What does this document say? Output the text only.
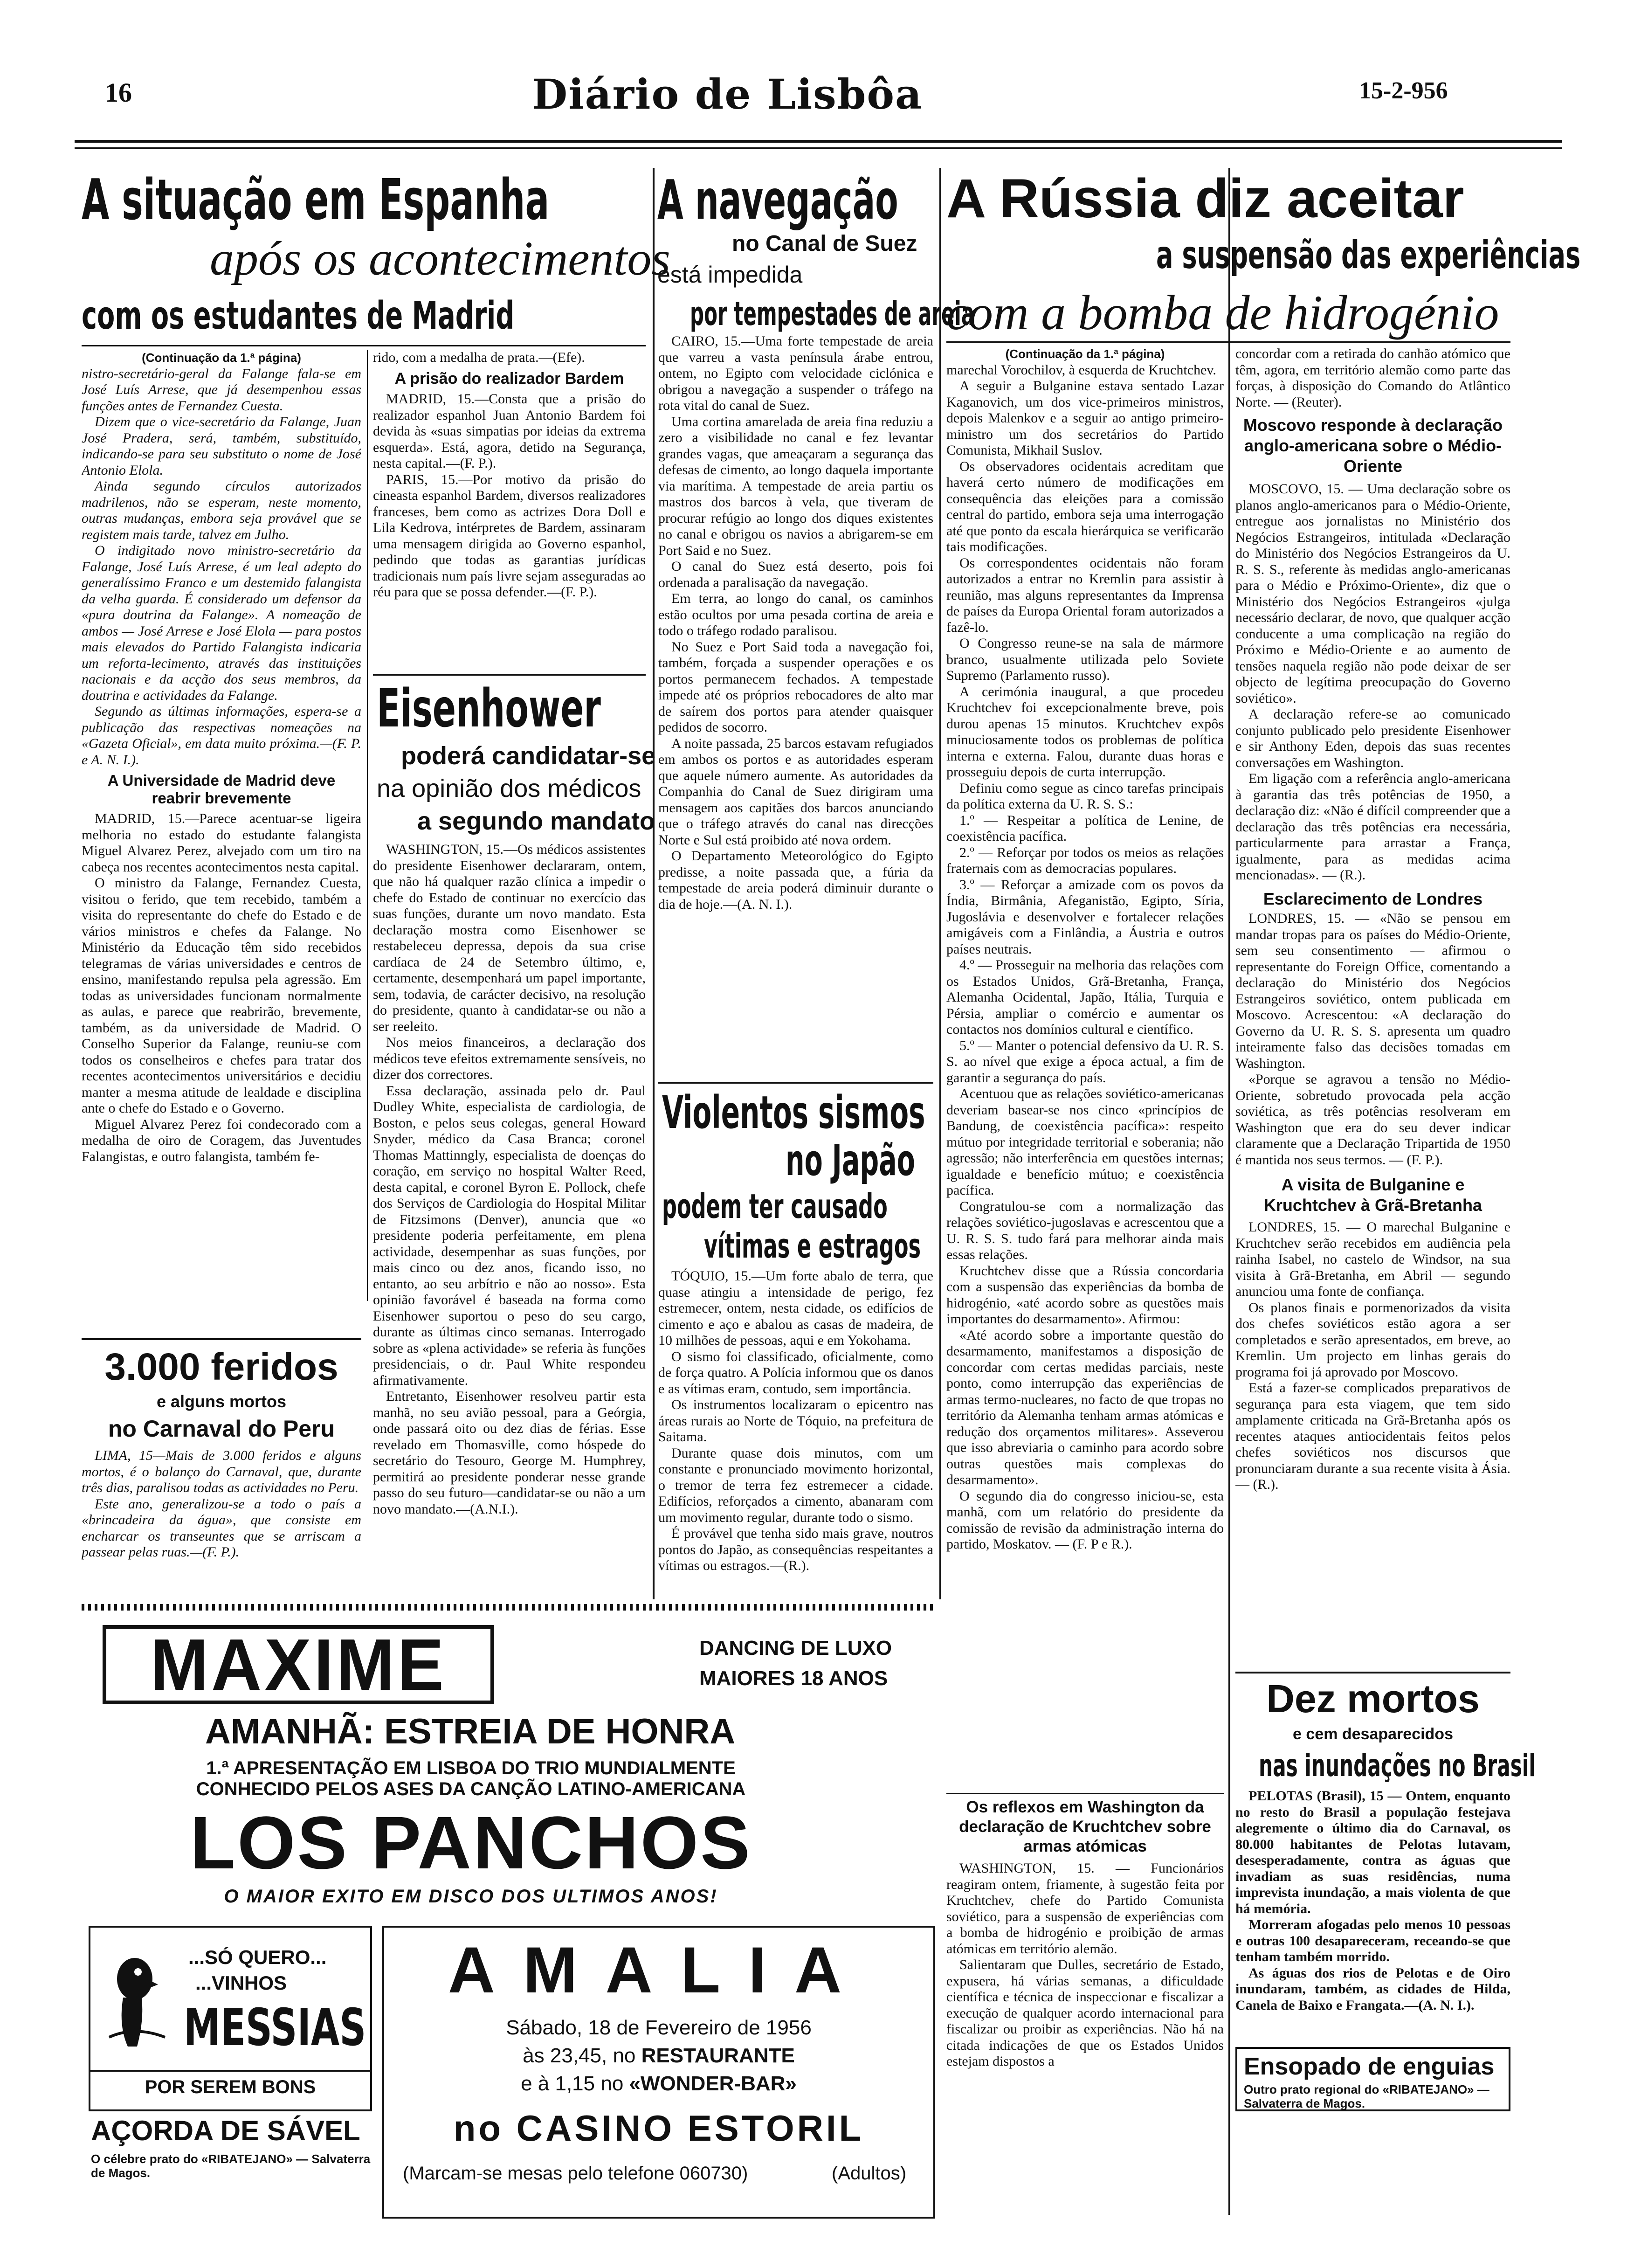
16	Diário de Lisbôa	15-2-956
A situação em Espanha
após os acontecimentos
com os estudantes de Madrid
(Continuação da 1.ª página)

nistro-secretário-geral da Falange fala-se em José Luís Arrese, que já desempenhou essas funções antes de Fernandez Cuesta.

Dizem que o vice-secretário da Falange, Juan José Pradera, será, também, substituído, indicando-se para seu substituto o nome de José Antonio Elola.

Ainda segundo círculos autorizados madrilenos, não se esperam, neste momento, outras mudanças, embora seja provável que se registem mais tarde, talvez em Julho.

O indigitado novo ministro-secretário da Falange, José Luís Arrese, é um leal adepto do generalíssimo Franco e um destemido falangista da velha guarda. É considerado um defensor da «pura doutrina da Falange». A nomeação de ambos — José Arrese e José Elola — para postos mais elevados do Partido Falangista indicaria um reforta-lecimento, através das instituições nacionais e da acção dos seus membros, da doutrina e actividades da Falange.

Segundo as últimas informações, espera-se a publicação das respectivas nomeações na «Gazeta Oficial», em data muito próxima.—(F. P. e A. N. I.).

A Universidade de Madrid deve reabrir brevemente

MADRID, 15.—Parece acentuar-se ligeira melhoria no estado do estudante falangista Miguel Alvarez Perez, alvejado com um tiro na cabeça nos recentes acontecimentos nesta capital.

O ministro da Falange, Fernandez Cuesta, visitou o ferido, que tem recebido, também a visita do representante do chefe do Estado e de vários ministros e chefes da Falange. No Ministério da Educação têm sido recebidos telegramas de várias universidades e centros de ensino, manifestando repulsa pela agressão. Em todas as universidades funcionam normalmente as aulas, e parece que reabrirão, brevemente, também, as da universidade de Madrid. O Conselho Superior da Falange, reuniu-se com todos os conselheiros e chefes para tratar dos recentes acontecimentos universitários e decidiu manter a mesma atitude de lealdade e disciplina ante o chefe do Estado e o Governo.

Miguel Alvarez Perez foi condecorado com a medalha de oiro de Coragem, das Juventudes Falangistas, e outro falangista, também fe-

rido, com a medalha de prata.—(Efe).

A prisão do realizador Bardem

MADRID, 15.—Consta que a prisão do realizador espanhol Juan Antonio Bardem foi devida às «suas simpatias por ideias da extrema esquerda». Está, agora, detido na Segurança, nesta capital.—(F. P.).

PARIS, 15.—Por motivo da prisão do cineasta espanhol Bardem, diversos realizadores franceses, bem como as actrizes Dora Doll e Lila Kedrova, intérpretes de Bardem, assinaram uma mensagem dirigida ao Governo espanhol, pedindo que todas as garantias jurídicas tradicionais num país livre sejam asseguradas ao réu para que se possa defender.—(F. P.).

3.000 feridos
e alguns mortos
no Carnaval do Peru

LIMA, 15—Mais de 3.000 feridos e alguns mortos, é o balanço do Carnaval, que, durante três dias, paralisou todas as actividades no Peru.

Este ano, generalizou-se a todo o país a «brincadeira da água», que consiste em encharcar os transeuntes que se arriscam a passear pelas ruas.—(F. P.).

Eisenhower
poderá candidatar-se
na opinião dos médicos
a segundo mandato

WASHINGTON, 15.—Os médicos assistentes do presidente Eisenhower declararam, ontem, que não há qualquer razão clínica a impedir o chefe do Estado de continuar no exercício das suas funções, durante um novo mandato. Esta declaração mostra como Eisenhower se restabeleceu depressa, depois da sua crise cardíaca de 24 de Setembro último, e, certamente, desempenhará um papel importante, sem, todavia, de carácter decisivo, na resolução do presidente, quanto à candidatar-se ou não a ser reeleito.

Nos meios financeiros, a declaração dos médicos teve efeitos extremamente sensíveis, no dizer dos correctores.

Essa declaração, assinada pelo dr. Paul Dudley White, especialista de cardiologia, de Boston, e pelos seus colegas, general Howard Snyder, médico da Casa Branca; coronel Thomas Mattinngly, especialista de doenças do coração, em serviço no hospital Walter Reed, desta capital, e coronel Byron E. Pollock, chefe dos Serviços de Cardiologia do Hospital Militar de Fitzsimons (Denver), anuncia que «o presidente poderia perfeitamente, em plena actividade, desempenhar as suas funções, por mais cinco ou dez anos, ficando isso, no entanto, ao seu arbítrio e não ao nosso». Esta opinião favorável é baseada na forma como Eisenhower suportou o peso do seu cargo, durante as últimas cinco semanas. Interrogado sobre as «plena actividade» se referia às funções presidenciais, o dr. Paul White respondeu afirmativamente.

Entretanto, Eisenhower resolveu partir esta manhã, no seu avião pessoal, para a Geórgia, onde passará oito ou dez dias de férias. Esse revelado em Thomasville, como hóspede do secretário do Tesouro, George M. Humphrey, permitirá ao presidente ponderar nesse grande passo do seu futuro—candidatar-se ou não a um novo mandato.—(A.N.I.).

A navegação
no Canal de Suez
está impedida
por tempestades de areia

CAIRO, 15.—Uma forte tempestade de areia que varreu a vasta península árabe entrou, ontem, no Egipto com velocidade ciclónica e obrigou a navegação a suspender o tráfego na rota vital do canal de Suez.

Uma cortina amarelada de areia fina reduziu a zero a visibilidade no canal e fez levantar grandes vagas, que ameaçaram a segurança das defesas de cimento, ao longo daquela importante via marítima. A tempestade de areia partiu os mastros dos barcos à vela, que tiveram de procurar refúgio ao longo dos diques existentes no canal e obrigou os navios a abrigarem-se em Port Said e no Suez.

O canal do Suez está deserto, pois foi ordenada a paralisação da navegação.

Em terra, ao longo do canal, os caminhos estão ocultos por uma pesada cortina de areia e todo o tráfego rodado paralisou.

No Suez e Port Said toda a navegação foi, também, forçada a suspender operações e os portos permanecem fechados. A tempestade impede até os próprios rebocadores de alto mar de saírem dos portos para atender quaisquer pedidos de socorro.

A noite passada, 25 barcos estavam refugiados em ambos os portos e as autoridades esperam que aquele número aumente. As autoridades da Companhia do Canal de Suez dirigiram uma mensagem aos capitães dos barcos anunciando que o tráfego através do canal nas direcções Norte e Sul está proibido até nova ordem.

O Departamento Meteorológico do Egipto predisse, a noite passada que, a fúria da tempestade de areia poderá diminuir durante o dia de hoje.—(A. N. I.).

Violentos sismos
no Japão
podem ter causado
vítimas e estragos

TÓQUIO, 15.—Um forte abalo de terra, que quase atingiu a intensidade de perigo, fez estremecer, ontem, nesta cidade, os edifícios de cimento e aço e abalou as casas de madeira, de 10 milhões de pessoas, aqui e em Yokohama.

O sismo foi classificado, oficialmente, como de força quatro. A Polícia informou que os danos e as vítimas eram, contudo, sem importância.

Os instrumentos localizaram o epicentro nas áreas rurais ao Norte de Tóquio, na prefeitura de Saitama.

Durante quase dois minutos, com um constante e pronunciado movimento horizontal, o tremor de terra fez estremecer a cidade. Edifícios, reforçados a cimento, abanaram com um movimento regular, durante todo o sismo.

É provável que tenha sido mais grave, noutros pontos do Japão, as consequências respeitantes a vítimas ou estragos.—(R.).

A Rússia diz aceitar
a suspensão das experiências
com a bomba de hidrogénio
(Continuação da 1.ª página)

marechal Vorochilov, à esquerda de Kruchtchev.

A seguir a Bulganine estava sentado Lazar Kaganovich, um dos vice-primeiros ministros, depois Malenkov e a seguir ao antigo primeiro-ministro um dos secretários do Partido Comunista, Mikhail Suslov.

Os observadores ocidentais acreditam que haverá certo número de modificações em consequência das eleições para a comissão central do partido, embora seja uma interrogação até que ponto da escala hierárquica se verificarão tais modificações.

Os correspondentes ocidentais não foram autorizados a entrar no Kremlin para assistir à reunião, mas alguns representantes da Imprensa de países da Europa Oriental foram autorizados a fazê-lo.

O Congresso reune-se na sala de mármore branco, usualmente utilizada pelo Soviete Supremo (Parlamento russo).

A cerimónia inaugural, a que procedeu Kruchtchev foi excepcionalmente breve, pois durou apenas 15 minutos. Kruchtchev expôs minuciosamente todos os problemas de política interna e externa. Falou, durante duas horas e prosseguiu depois de curta interrupção.

Definiu como segue as cinco tarefas principais da política externa da U. R. S. S.:

1.º — Respeitar a política de Lenine, de coexistência pacífica.

2.º — Reforçar por todos os meios as relações fraternais com as democracias populares.

3.º — Reforçar a amizade com os povos da Índia, Birmânia, Afeganistão, Egipto, Síria, Jugoslávia e desenvolver e fortalecer relações amigáveis com a Finlândia, a Áustria e outros países neutrais.

4.º — Prosseguir na melhoria das relações com os Estados Unidos, Grã-Bretanha, França, Alemanha Ocidental, Japão, Itália, Turquia e Pérsia, ampliar o comércio e aumentar os contactos nos domínios cultural e científico.

5.º — Manter o potencial defensivo da U. R. S. S. ao nível que exige a época actual, a fim de garantir a segurança do país.

Acentuou que as relações soviético-americanas deveriam basear-se nos cinco «princípios de Bandung, de coexistência pacífica»: respeito mútuo por integridade territorial e soberania; não agressão; não interferência em questões internas; igualdade e benefício mútuo; e coexistência pacífica.

Congratulou-se com a normalização das relações soviético-jugoslavas e acrescentou que a U. R. S. S. tudo fará para melhorar ainda mais essas relações.

Kruchtchev disse que a Rússia concordaria com a suspensão das experiências da bomba de hidrogénio, «até acordo sobre as questões mais importantes do desarmamento». Afirmou:

«Até acordo sobre a importante questão do desarmamento, manifestamos a disposição de concordar com certas medidas parciais, neste ponto, como interrupção das experiências de armas termo-nucleares, no facto de que tropas no território da Alemanha tenham armas atómicas e redução dos orçamentos militares». Asseverou que isso abreviaria o caminho para acordo sobre outras questões mais complexas do desarmamento».

O segundo dia do congresso iniciou-se, esta manhã, com um relatório do presidente da comissão de revisão da administração interna do partido, Moskatov. — (F. P e R.).

Os reflexos em Washington da declaração de Kruchtchev sobre armas atómicas

WASHINGTON, 15. — Funcionários reagiram ontem, friamente, à sugestão feita por Kruchtchev, chefe do Partido Comunista soviético, para a suspensão de experiências com a bomba de hidrogénio e proibição de armas atómicas em território alemão.

Salientaram que Dulles, secretário de Estado, expusera, há várias semanas, a dificuldade científica e técnica de inspeccionar e fiscalizar a execução de qualquer acordo internacional para fiscalizar ou proibir as experiências. Não há na citada indicações de que os Estados Unidos estejam dispostos a

concordar com a retirada do canhão atómico que têm, agora, em território alemão como parte das forças, à disposição do Comando do Atlântico Norte. — (Reuter).

Moscovo responde à declaração anglo-americana sobre o Médio-Oriente

MOSCOVO, 15. — Uma declaração sobre os planos anglo-americanos para o Médio-Oriente, entregue aos jornalistas no Ministério dos Negócios Estrangeiros, intitulada «Declaração do Ministério dos Negócios Estrangeiros da U. R. S. S., referente às medidas anglo-americanas para o Médio e Próximo-Oriente», diz que o Ministério dos Negócios Estrangeiros «julga necessário declarar, de novo, que qualquer acção conducente a uma complicação na região do Próximo e Médio-Oriente e ao aumento de tensões naquela região não pode deixar de ser objecto de legítima preocupação do Governo soviético».

A declaração refere-se ao comunicado conjunto publicado pelo presidente Eisenhower e sir Anthony Eden, depois das suas recentes conversações em Washington.

Em ligação com a referência anglo-americana à garantia das três potências de 1950, a declaração diz: «Não é difícil compreender que a declaração das três potências era necessária, particularmente para arrastar a França, igualmente, para as medidas acima mencionadas». — (R.).

Esclarecimento de Londres

LONDRES, 15. — «Não se pensou em mandar tropas para os países do Médio-Oriente, sem seu consentimento — afirmou o representante do Foreign Office, comentando a declaração do Ministério dos Negócios Estrangeiros soviético, ontem publicada em Moscovo. Acrescentou: «A declaração do Governo da U. R. S. S. apresenta um quadro inteiramente falso das decisões tomadas em Washington.

«Porque se agravou a tensão no Médio-Oriente, sobretudo provocada pela acção soviética, as três potências resolveram em Washington que era do seu dever indicar claramente que a Declaração Tripartida de 1950 é mantida nos seus termos. — (F. P.).

A visita de Bulganine e Kruchtchev à Grã-Bretanha

LONDRES, 15. — O marechal Bulganine e Kruchtchev serão recebidos em audiência pela rainha Isabel, no castelo de Windsor, na sua visita à Grã-Bretanha, em Abril — segundo anunciou uma fonte de confiança.

Os planos finais e pormenorizados da visita dos chefes soviéticos estão agora a ser completados e serão apresentados, em breve, ao Kremlin. Um projecto em linhas gerais do programa foi já aprovado por Moscovo.

Está a fazer-se complicados preparativos de segurança para esta viagem, que tem sido amplamente criticada na Grã-Bretanha após os recentes ataques antiocidentais feitos pelos chefes soviéticos nos discursos que pronunciaram durante a sua recente visita à Ásia. — (R.).

Dez mortos
e cem desaparecidos
nas inundações no Brasil

PELOTAS (Brasil), 15 — Ontem, enquanto no resto do Brasil a população festejava alegremente o último dia do Carnaval, os 80.000 habitantes de Pelotas lutavam, desesperadamente, contra as águas que invadiam as suas residências, numa imprevista inundação, a mais violenta de que há memória.

Morreram afogadas pelo menos 10 pessoas e outras 100 desapareceram, receando-se que tenham também morrido.

As águas dos rios de Pelotas e de Oiro inundaram, também, as cidades de Hilda, Canela de Baixo e Frangata.—(A. N. I.).

Ensopado de enguias
Outro prato regional do «RIBATEJANO» — Salvaterra de Magos.
MAXIME	DANCING DE LUXO
MAIORES 18 ANOS
AMANHÃ: ESTREIA DE HONRA
1.ª APRESENTAÇÃO EM LISBOA DO TRIO MUNDIALMENTE
CONHECIDO PELOS ASES DA CANÇÃO LATINO-AMERICANA
LOS PANCHOS
O MAIOR EXITO EM DISCO DOS ULTIMOS ANOS!
...SÓ QUERO...
...VINHOS
MESSIAS
POR SEREM BONS
AÇORDA DE SÁVEL
O célebre prato do «RIBATEJANO» — Salvaterra de Magos.
AMALIA
Sábado, 18 de Fevereiro de 1956
às 23,45, no RESTAURANTE
e à 1,15 no «WONDER-BAR»
no CASINO ESTORIL
(Marcam-se mesas pelo telefone 060730)	(Adultos)
